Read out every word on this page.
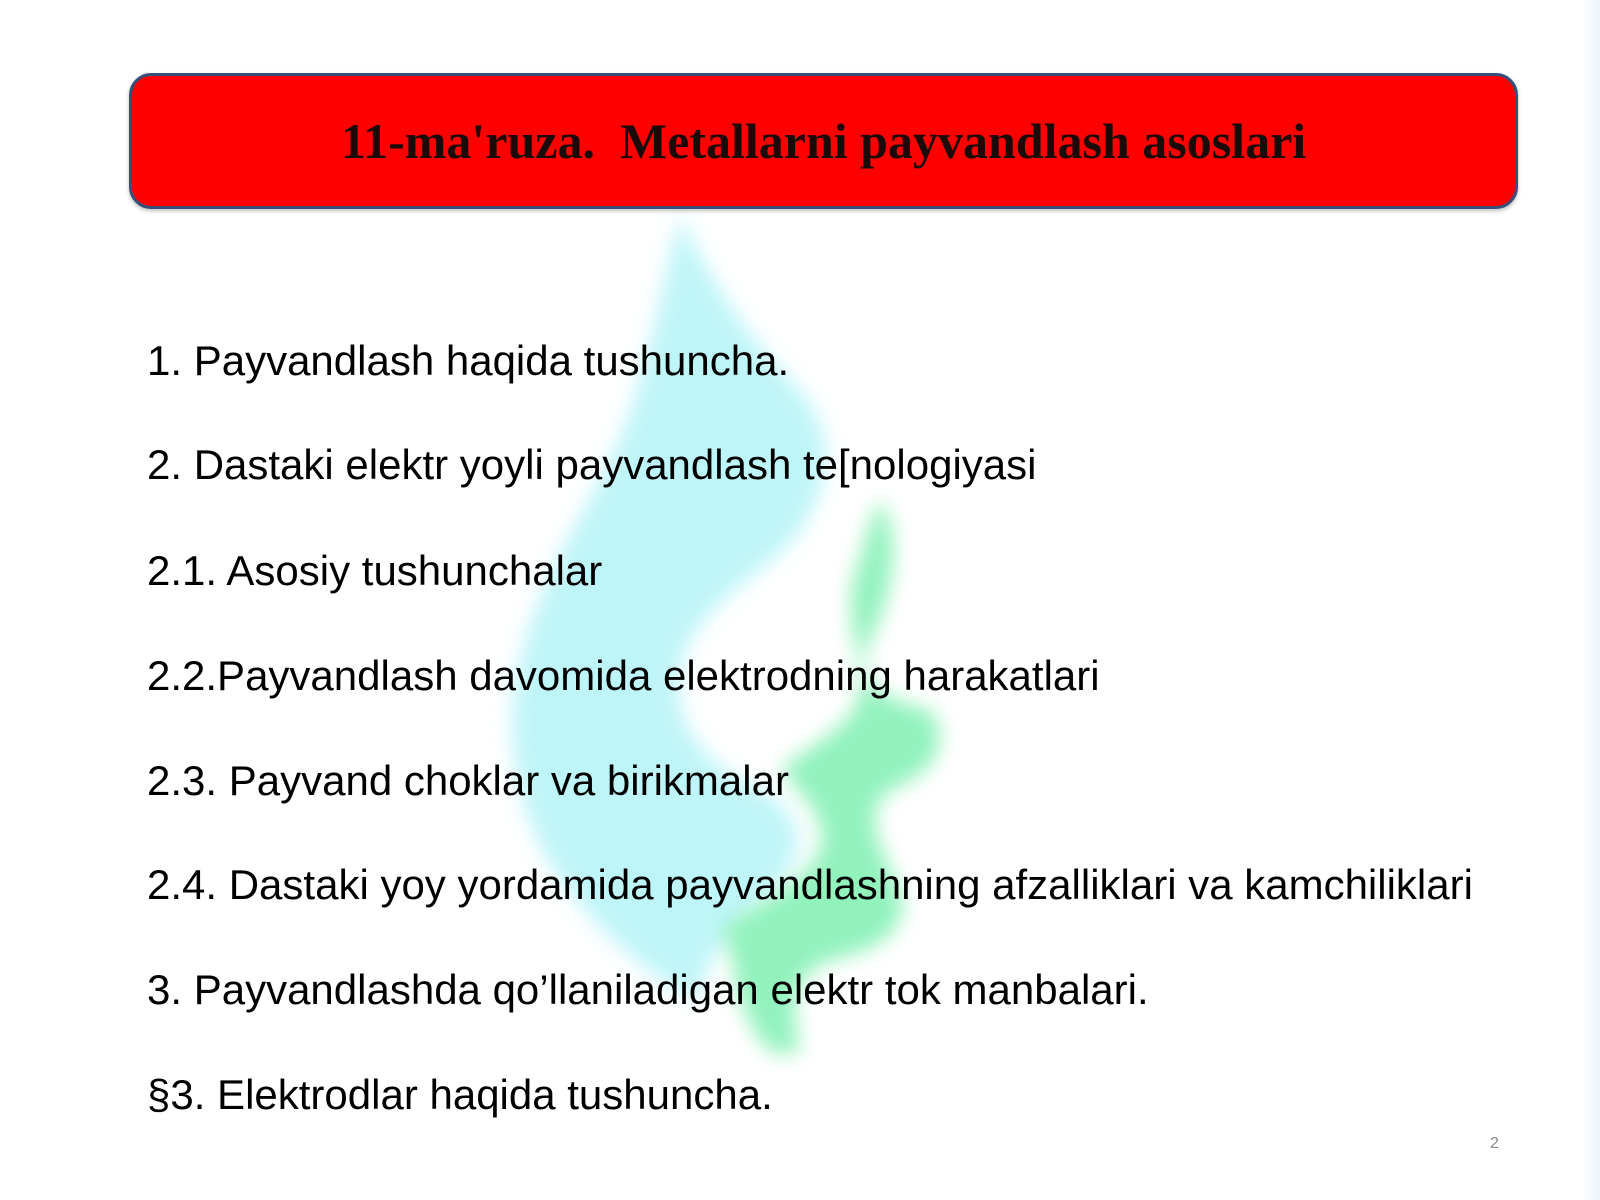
11-ma'ruza.  Metallarni payvandlash asoslari
1. Payvandlash haqida tushuncha.
2. Dastaki elektr yoyli payvandlash te[nologiyasi
2.1. Asosiy tushunchalar
2.2.Payvandlash davomida elektrodning harakatlari
2.3. Payvand choklar va birikmalar
2.4. Dastaki yoy yordamida payvandlashning afzalliklari va kamchiliklari
3. Payvandlashda qo’llaniladigan elektr tok manbalari.
§3. Elektrodlar haqida tushuncha.
2
